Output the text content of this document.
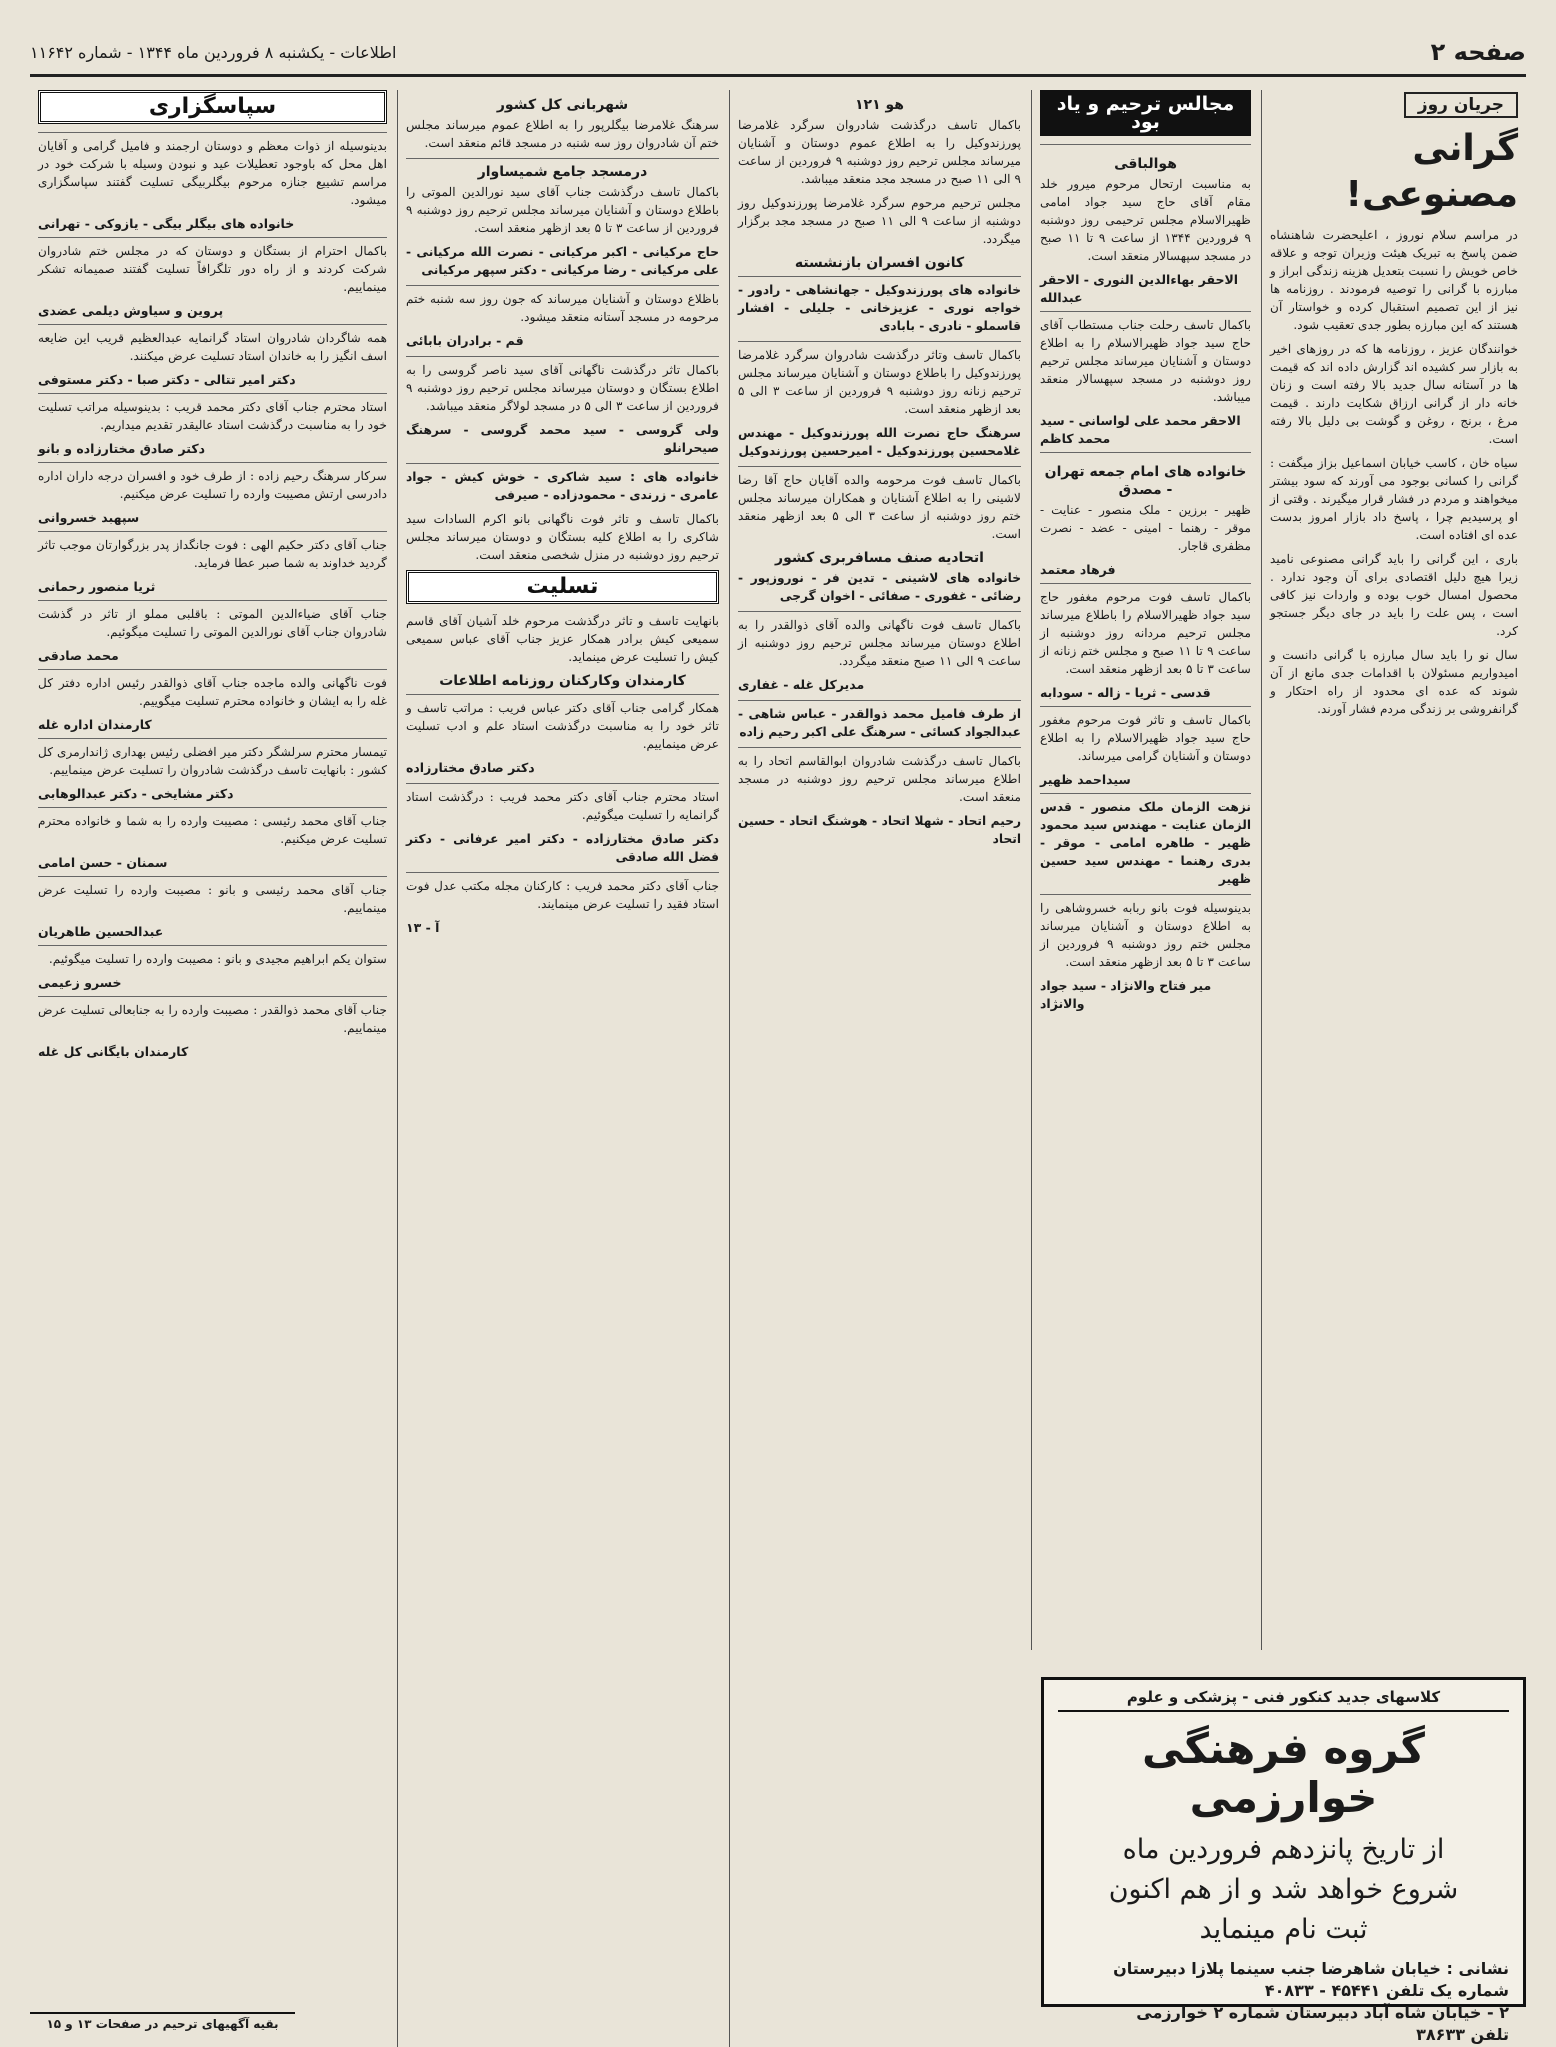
صفحه ۲
اطلاعات - یکشنبه ۸ فروردین ماه ۱۳۴۴ - شماره ۱۱۶۴۲
جریان روز
گرانی مصنوعی!

در مراسم سلام نوروز ، اعلیحضرت شاهنشاه ضمن پاسخ به تبریک هیئت وزیران توجه و علاقه خاص خویش را نسبت بتعدیل هزینه زندگی ابراز و مبارزه با گرانی را توصیه فرمودند . روزنامه ها نیز از این تصمیم استقبال کرده و خواستار آن هستند که این مبارزه بطور جدی تعقیب شود.

خوانندگان عزیز ، روزنامه ها که در روزهای اخیر به بازار سر کشیده اند گزارش داده اند که قیمت ها در آستانه سال جدید بالا رفته است و زنان خانه دار از گرانی ارزاق شکایت دارند . قیمت مرغ ، برنج ، روغن و گوشت بی دلیل بالا رفته است.

سیاه خان ، کاسب خیابان اسماعیل بزاز میگفت : گرانی را کسانی بوجود می آورند که سود بیشتر میخواهند و مردم در فشار قرار میگیرند . وقتی از او پرسیدیم چرا ، پاسخ داد بازار امروز بدست عده ای افتاده است.

باری ، این گرانی را باید گرانی مصنوعی نامید زیرا هیچ دلیل اقتصادی برای آن وجود ندارد . محصول امسال خوب بوده و واردات نیز کافی است ، پس علت را باید در جای دیگر جستجو کرد.

سال نو را باید سال مبارزه با گرانی دانست و امیدواریم مسئولان با اقدامات جدی مانع از آن شوند که عده ای محدود از راه احتکار و گرانفروشی بر زندگی مردم فشار آورند.

مجالس ترحیم و یاد بود
هوالباقی

به مناسبت ارتحال مرحوم میرور خلد مقام آقای حاج سید جواد امامی ظهیرالاسلام مجلس ترحیمی روز دوشنبه ۹ فروردین ۱۳۴۴ از ساعت ۹ تا ۱۱ صبح در مسجد سپهسالار منعقد است.

الاحقر بهاءالدین النوری - الاحقر عبدالله

باکمال تاسف رحلت جناب مستطاب آقای حاج سید جواد ظهیرالاسلام را به اطلاع دوستان و آشنایان میرساند مجلس ترحیم روز دوشنبه در مسجد سپهسالار منعقد میباشد.

الاحقر محمد علی لواسانی - سید محمد کاظم
خانواده های امام جمعه تهران - مصدق

ظهیر - برزین - ملک منصور - عنایت - موقر - رهنما - امینی - عضد - نصرت مظفری قاجار.

فرهاد معتمد

باکمال تاسف فوت مرحوم مغفور حاج سید جواد ظهیرالاسلام را باطلاع میرساند مجلس ترحیم مردانه روز دوشنبه از ساعت ۹ تا ۱۱ صبح و مجلس ختم زنانه از ساعت ۳ تا ۵ بعد ازظهر منعقد است.

قدسی - ثریا - زاله - سودابه

باکمال تاسف و تاثر فوت مرحوم مغفور حاج سید جواد ظهیرالاسلام را به اطلاع دوستان و آشنایان گرامی میرساند.

سیداحمد ظهیر

نزهت الزمان ملک منصور - قدس الزمان عنایت - مهندس سید محمود ظهیر - طاهره امامی - موقر - بدری رهنما - مهندس سید حسین ظهیر

بدینوسیله فوت بانو ربابه خسروشاهی را به اطلاع دوستان و آشنایان میرساند مجلس ختم روز دوشنبه ۹ فروردین از ساعت ۳ تا ۵ بعد ازظهر منعقد است.

میر فتاح والانژاد - سید جواد والانژاد
هو ۱۲۱

باکمال تاسف درگذشت شادروان سرگرد غلامرضا پورزندوکیل را به اطلاع عموم دوستان و آشنایان میرساند مجلس ترحیم روز دوشنبه ۹ فروردین از ساعت ۹ الی ۱۱ صبح در مسجد مجد منعقد میباشد.

مجلس ترحیم مرحوم سرگرد غلامرضا پورزندوکیل روز دوشنبه از ساعت ۹ الی ۱۱ صبح در مسجد مجد برگزار میگردد.

کانون افسران بازنشسته

خانواده های پورزندوکیل - جهانشاهی - رادور - خواجه نوری - عزیزخانی - جلیلی - افشار قاسملو - نادری - بابادی

باکمال تاسف وتاثر درگذشت شادروان سرگرد غلامرضا پورزندوکیل را باطلاع دوستان و آشنایان میرساند مجلس ترحیم زنانه روز دوشنبه ۹ فروردین از ساعت ۳ الی ۵ بعد ازظهر منعقد است.

سرهنگ حاج نصرت الله پورزندوکیل - مهندس غلامحسین پورزندوکیل - امیرحسین پورزندوکیل

باکمال تاسف فوت مرحومه والده آقایان حاج آقا رضا لاشینی را به اطلاع آشنایان و همکاران میرساند مجلس ختم روز دوشنبه از ساعت ۳ الی ۵ بعد ازظهر منعقد است.

اتحادیه صنف مسافربری کشور

خانواده های لاشینی - تدین فر - نوروزپور - رضائی - غفوری - صفائی - اخوان گرجی

باکمال تاسف فوت ناگهانی والده آقای ذوالقدر را به اطلاع دوستان میرساند مجلس ترحیم روز دوشنبه از ساعت ۹ الی ۱۱ صبح منعقد میگردد.

مدیرکل غله - غفاری

از طرف فامیل محمد ذوالقدر - عباس شاهی - عبدالجواد کسائی - سرهنگ علی اکبر رحیم زاده

باکمال تاسف درگذشت شادروان ابوالقاسم اتحاد را به اطلاع میرساند مجلس ترحیم روز دوشنبه در مسجد منعقد است.

رحیم اتحاد - شهلا اتحاد - هوشنگ اتحاد - حسین اتحاد

شهربانی کل کشور

سرهنگ غلامرضا بیگلرپور را به اطلاع عموم میرساند مجلس ختم آن شادروان روز سه شنبه در مسجد قائم منعقد است.

درمسجد جامع شمیساوار

باکمال تاسف درگذشت جناب آقای سید نورالدین الموتی را باطلاع دوستان و آشنایان میرساند مجلس ترحیم روز دوشنبه ۹ فروردین از ساعت ۳ تا ۵ بعد ازظهر منعقد است.

حاج مرکیانی - اکبر مرکیانی - نصرت الله مرکیانی - علی مرکیانی - رضا مرکیانی - دکتر سپهر مرکیانی

باظلاع دوستان و آشنایان میرساند که جون روز سه شنبه ختم مرحومه در مسجد آستانه منعقد میشود.

قم - برادران بابائی

باکمال تاثر درگذشت ناگهانی آقای سید ناصر گروسی را به اطلاع بستگان و دوستان میرساند مجلس ترحیم روز دوشنبه ۹ فروردین از ساعت ۳ الی ۵ در مسجد لولاگر منعقد میباشد.

ولی گروسی - سید محمد گروسی - سرهنگ صیحرانلو

خانواده های : سید شاکری - خوش کیش - جواد عامری - زرندی - محمودزاده - صیرفی

باکمال تاسف و تاثر فوت ناگهانی بانو اکرم السادات سید شاکری را به اطلاع کلیه بستگان و دوستان میرساند مجلس ترحیم روز دوشنبه در منزل شخصی منعقد است.

تسلیت

بانهایت تاسف و تاثر درگذشت مرحوم خلد آشیان آقای قاسم سمیعی کیش برادر همکار عزیز جناب آقای عباس سمیعی کیش را تسلیت عرض مینماید.

کارمندان وکارکنان روزنامه اطلاعات

همکار گرامی جناب آقای دکتر عباس فریب : مراتب تاسف و تاثر خود را به مناسبت درگذشت استاد علم و ادب تسلیت عرض مینماییم.

دکتر صادق مختارزاده

استاد محترم جناب آقای دکتر محمد فریب : درگذشت استاد گرانمایه را تسلیت میگوئیم.

دکتر صادق مختارزاده - دکتر امیر عرفانی - دکتر فضل الله صادقی

جناب آقای دکتر محمد فریب : کارکنان مجله مکتب عدل فوت استاد فقید را تسلیت عرض مینمایند.

آ - ۱۳

سپاسگزاری

بدینوسیله از ذوات معظم و دوستان ارجمند و فامیل گرامی و آقایان اهل محل که باوجود تعطیلات عید و نبودن وسیله با شرکت خود در مراسم تشییع جنازه مرحوم بیگلربیگی تسلیت گفتند سپاسگزاری میشود.

خانواده های بیگلر بیگی - یازوکی - تهرانی

باکمال احترام از بستگان و دوستان که در مجلس ختم شادروان شرکت کردند و از راه دور تلگرافاً تسلیت گفتند صمیمانه تشکر مینماییم.

پروین و سیاوش دیلمی عضدی

همه شاگردان شادروان استاد گرانمایه عبدالعظیم قریب این ضایعه اسف انگیز را به خاندان استاد تسلیت عرض میکنند.

دکتر امیر تتالی - دکتر صبا - دکتر مستوفی

استاد محترم جناب آقای دکتر محمد قریب : بدینوسیله مراتب تسلیت خود را به مناسبت درگذشت استاد عالیقدر تقدیم میداریم.

دکتر صادق مختارزاده و بانو

سرکار سرهنگ رحیم زاده : از طرف خود و افسران درجه داران اداره دادرسی ارتش مصیبت وارده را تسلیت عرض میکنیم.

سپهبد خسروانی

جناب آقای دکتر حکیم الهی : فوت جانگداز پدر بزرگوارتان موجب تاثر گردید خداوند به شما صبر عطا فرماید.

ثریا منصور رحمانی

جناب آقای ضیاءالدین الموتی : باقلبی مملو از تاثر در گذشت شادروان جناب آقای نورالدین الموتی را تسلیت میگوئیم.

محمد صادقی

فوت ناگهانی والده ماجده جناب آقای ذوالقدر رئیس اداره دفتر کل غله را به ایشان و خانواده محترم تسلیت میگوییم.

کارمندان اداره غله

تیمسار محترم سرلشگر دکتر میر افضلی رئیس بهداری ژاندارمری کل کشور : بانهایت تاسف درگذشت شادروان را تسلیت عرض مینماییم.

دکتر مشایخی - دکتر عبدالوهابی

جناب آقای محمد رئیسی : مصیبت وارده را به شما و خانواده محترم تسلیت عرض میکنیم.

سمنان - حسن امامی

جناب آقای محمد رئیسی و بانو : مصیبت وارده را تسلیت عرض مینماییم.

عبدالحسین طاهریان

ستوان یکم ابراهیم مجیدی و بانو : مصیبت وارده را تسلیت میگوئیم.

خسرو زعیمی

جناب آقای محمد ذوالقدر : مصیبت وارده را به جنابعالی تسلیت عرض مینماییم.

کارمندان بایگانی کل غله
کلاسهای جدید کنکور فنی - پزشکی و علوم
گروه فرهنگی خوارزمی
از تاریخ پانزدهم فروردین ماه
شروع خواهد شد و از هم اکنون
ثبت نام مینماید
نشانی : خیابان شاهرضا جنب سینما پلازا دبیرستان
شماره یک تلفن ۴۵۴۴۱ - ۴۰۸۳۳
۲ - خیابان شاه آباد دبیرستان شماره ۲ خوارزمی
تلفن ۳۸۶۳۳
بقیه آگهیهای ترحیم در صفحات ۱۳ و ۱۵
